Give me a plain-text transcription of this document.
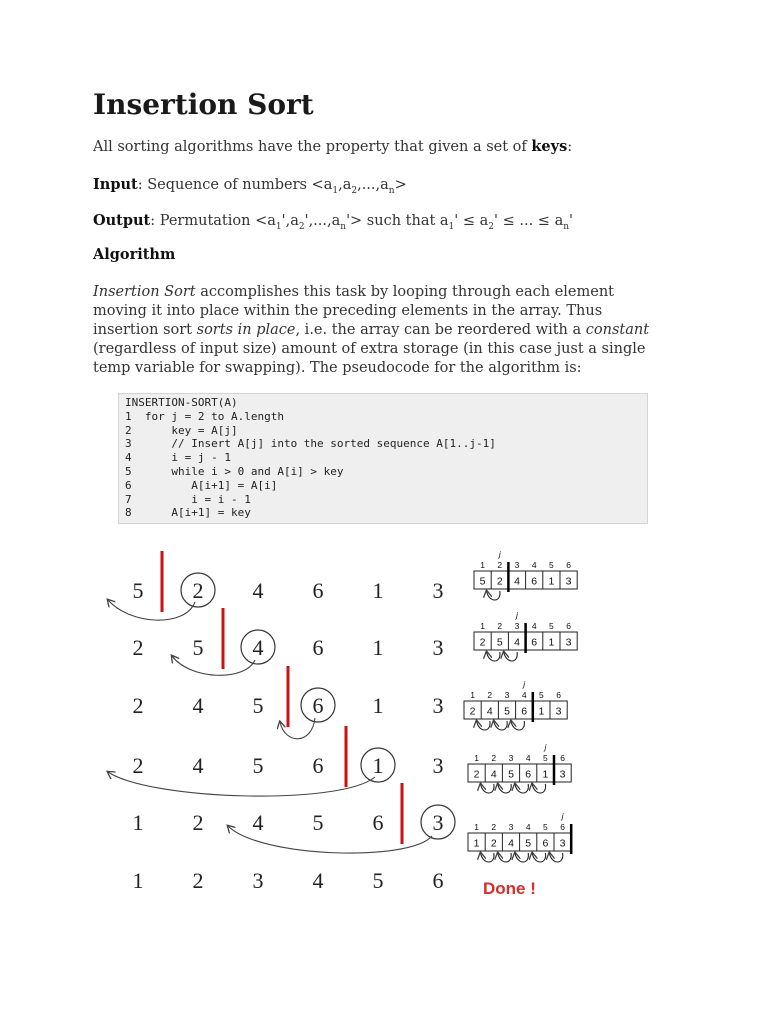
Insertion Sort

All sorting algorithms have the property that given a set of keys:

Input: Sequence of numbers $<a_1,a_2,...,a_n>$

Output: Permutation $<a_1',a_2',...,a_n'>$ such that $a_1' \le a_2'$ ≤ ... ≤ $a_n'$

Algorithm

Insertion Sort accomplishes this task by looping through each element moving it into place within the preceding elements in the array. Thus insertion sort sorts in place, i.e. the array can be reordered with a constant (regardless of input size) amount of extra storage (in this case just a single temp variable for swapping). The pseudocode for the algorithm is:

INSERTION-SORT(A)
1  for j = 2 to A.length
2      key = A[j]
3      // Insert A[j] into the sorted sequence A[1..j-1]
4      i = j - 1
5      while i > 0 and A[i] > key
6         A[i+1] = A[i]
7         i = i - 1
8      A[i+1] = key
5 2 4 6 1 3
2 5 4 6 1 3
2 4 5 6 1 3
2 4 5 6 1 3
1 2 4 5 6 3
1 2 3 4 5 6 Done !
5
1
2
2
4
3
6
4
1
5
3
6
j
2
1
5
2
4
3
6
4
1
5
3
6
j
2
1
4
2
5
3
6
4
1
5
3
6
j
2
1
4
2
5
3
6
4
1
5
3
6
j
1
1
2
2
4
3
5
4
6
5
3
6
j
